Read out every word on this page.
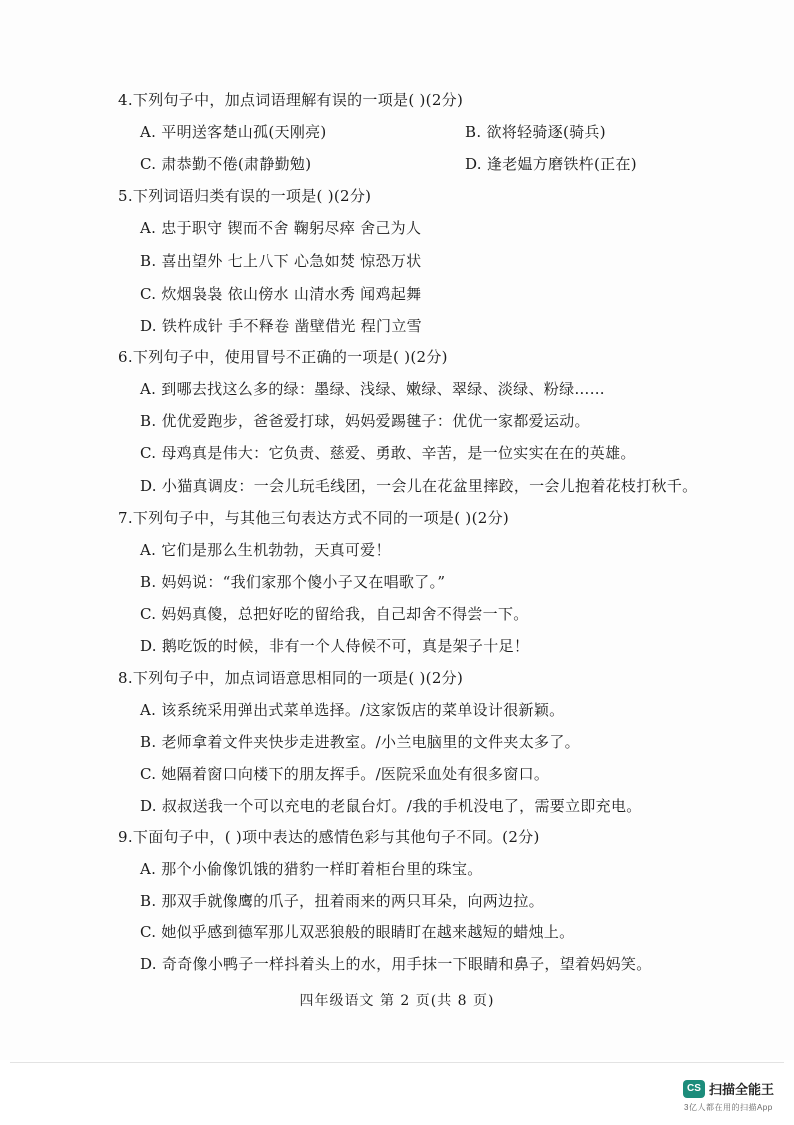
4.下列句子中，加点词语理解有误的一项是( )(2分)
A. 平明送客楚山孤(天刚亮)	B. 欲将轻骑逐(骑兵)
C. 肃恭勤不倦(肃静勤勉)	D. 逢老媪方磨铁杵(正在)
5.下列词语归类有误的一项是( )(2分)
A. 忠于职守 锲而不舍 鞠躬尽瘁 舍己为人
B. 喜出望外 七上八下 心急如焚 惊恐万状
C. 炊烟袅袅 依山傍水 山清水秀 闻鸡起舞
D. 铁杵成针 手不释卷 凿壁借光 程门立雪
6.下列句子中，使用冒号不正确的一项是( )(2分)
A. 到哪去找这么多的绿：墨绿、浅绿、嫩绿、翠绿、淡绿、粉绿……
B. 优优爱跑步，爸爸爱打球，妈妈爱踢毽子：优优一家都爱运动。
C. 母鸡真是伟大：它负责、慈爱、勇敢、辛苦，是一位实实在在的英雄。
D. 小猫真调皮：一会儿玩毛线团，一会儿在花盆里摔跤，一会儿抱着花枝打秋千。
7.下列句子中，与其他三句表达方式不同的一项是( )(2分)
A. 它们是那么生机勃勃，天真可爱！
B. 妈妈说：“我们家那个傻小子又在唱歌了。”
C. 妈妈真傻，总把好吃的留给我，自己却舍不得尝一下。
D. 鹅吃饭的时候，非有一个人侍候不可，真是架子十足！
8.下列句子中，加点词语意思相同的一项是( )(2分)
A. 该系统采用弹出式菜单选择。/这家饭店的菜单设计很新颖。
B. 老师拿着文件夹快步走进教室。/小兰电脑里的文件夹太多了。
C. 她隔着窗口向楼下的朋友挥手。/医院采血处有很多窗口。
D. 叔叔送我一个可以充电的老鼠台灯。/我的手机没电了，需要立即充电。
9.下面句子中，( )项中表达的感情色彩与其他句子不同。(2分)
A. 那个小偷像饥饿的猎豹一样盯着柜台里的珠宝。
B. 那双手就像鹰的爪子，扭着雨来的两只耳朵，向两边拉。
C. 她似乎感到德军那儿双恶狼般的眼睛盯在越来越短的蜡烛上。
D. 奇奇像小鸭子一样抖着头上的水，用手抹一下眼睛和鼻子，望着妈妈笑。
四年级语文 第 2 页(共 8 页)
CS 扫描全能王
3亿人都在用的扫描App
